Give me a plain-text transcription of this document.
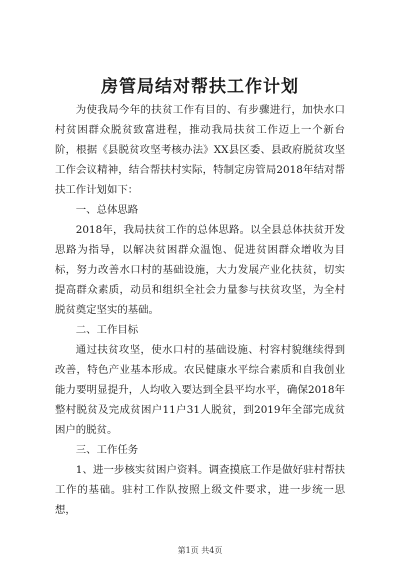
房管局结对帮扶工作计划

为使我局今年的扶贫工作有目的、有步骤进行，加快水口村贫困群众脱贫致富进程，推动我局扶贫工作迈上一个新台阶，根据《县脱贫攻坚考核办法》XX县区委、县政府脱贫攻坚工作会议精神，结合帮扶村实际，特制定房管局2018年结对帮扶工作计划如下：

一、总体思路

2018年，我局扶贫工作的总体思路。以全县总体扶贫开发思路为指导，以解决贫困群众温饱、促进贫困群众增收为目标，努力改善水口村的基础设施，大力发展产业化扶贫，切实提高群众素质，动员和组织全社会力量参与扶贫攻坚，为全村脱贫奠定坚实的基础。

二、工作目标

通过扶贫攻坚，使水口村的基础设施、村容村貌继续得到改善，特色产业基本形成。农民健康水平综合素质和自我创业能力要明显提升，人均收入要达到全县平均水平，确保2018年整村脱贫及完成贫困户11户31人脱贫，到2019年全部完成贫困户的脱贫。

三、工作任务

1、进一步核实贫困户资料。调查摸底工作是做好驻村帮扶工作的基础。驻村工作队按照上级文件要求，进一步统一思想，

第1页 共4页
